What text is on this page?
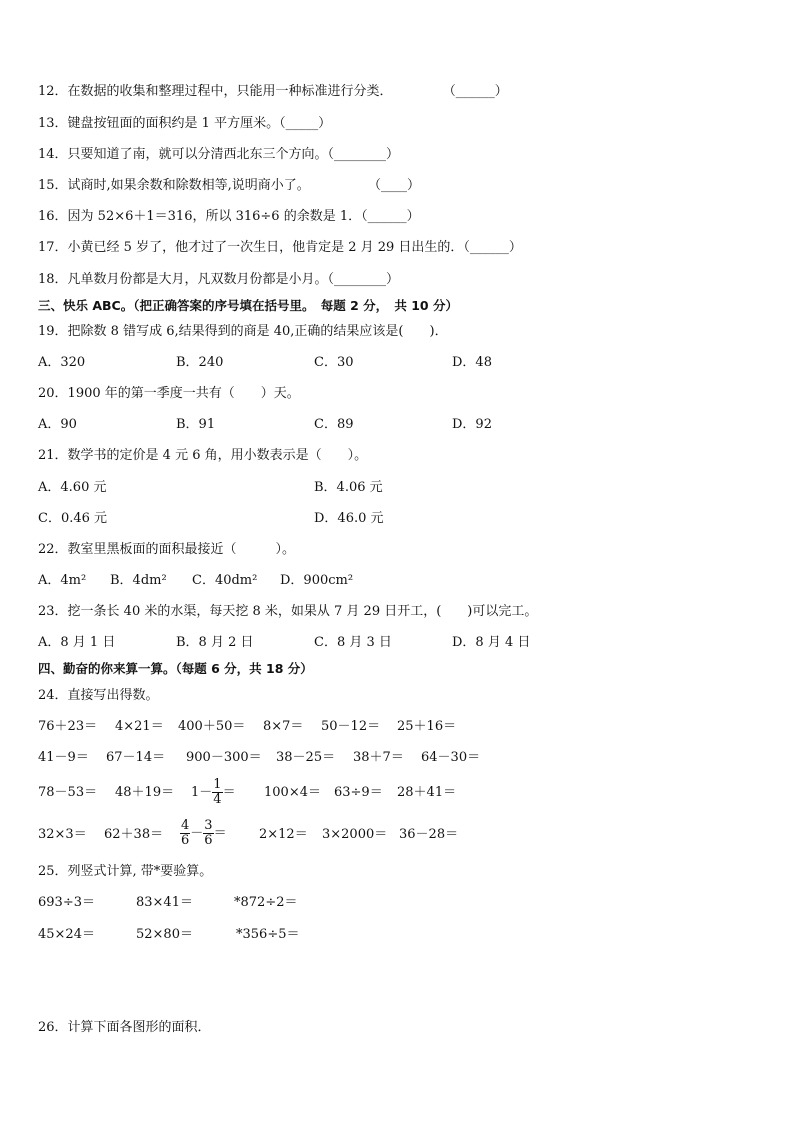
12．在数据的收集和整理过程中，只能用一种标准进行分类．	（______）
13．键盘按钮面的面积约是 1 平方厘米。（_____）
14．只要知道了南，就可以分清西北东三个方向。（________）
15．试商时,如果余数和除数相等,说明商小了。	（____）
16．因为 52×6＋1＝316，所以 316÷6 的余数是 1．（______）
17．小黄已经 5 岁了，他才过了一次生日，他肯定是 2 月 29 日出生的．（______）
18．凡单数月份都是大月，凡双数月份都是小月。（________）
三、快乐 ABC。（把正确答案的序号填在括号里。　每题 2 分，　共 10 分）
19．把除数 8 错写成 6,结果得到的商是 40,正确的结果应该是(　　)．
A．320	B．240	C．30	D．48
20．1900 年的第一季度一共有（　　）天。
A．90	B．91	C．89	D．92
21．数学书的定价是 4 元 6 角，用小数表示是（　　）。
A．4.60 元	B．4.06 元
C．0.46 元	D．46.0 元
22．教室里黑板面的面积最接近（　　　）。
A．4m² B．4dm² C．40dm² D．900cm²
23．挖一条长 40 米的水渠，每天挖 8 米，如果从 7 月 29 日开工，(　　)可以完工。
A．8 月 1 日	B．8 月 2 日	C．8 月 3 日	D．8 月 4 日
四、勤奋的你来算一算。（每题 6 分，共 18 分）
24．直接写出得数。
76＋23＝ 4×21＝ 400＋50＝ 8×7＝ 50－12＝ 25＋16＝
41－9＝ 67－14＝ 900－300＝ 38－25＝ 38＋7＝ 64－30＝
$78-53= 48+19= 1- \frac{1}{4} = 100\times 4= 63\div 9= 28+41=$
$32\times 3= 62+38= \frac{4}{6} - \frac{3}{6} = 2\times 12= 3\times 2000= 36-28=$
25．列竖式计算, 带*要验算。
693÷3＝	83×41＝	*872÷2＝
45×24＝	52×80＝	*356÷5＝
26．计算下面各图形的面积．
